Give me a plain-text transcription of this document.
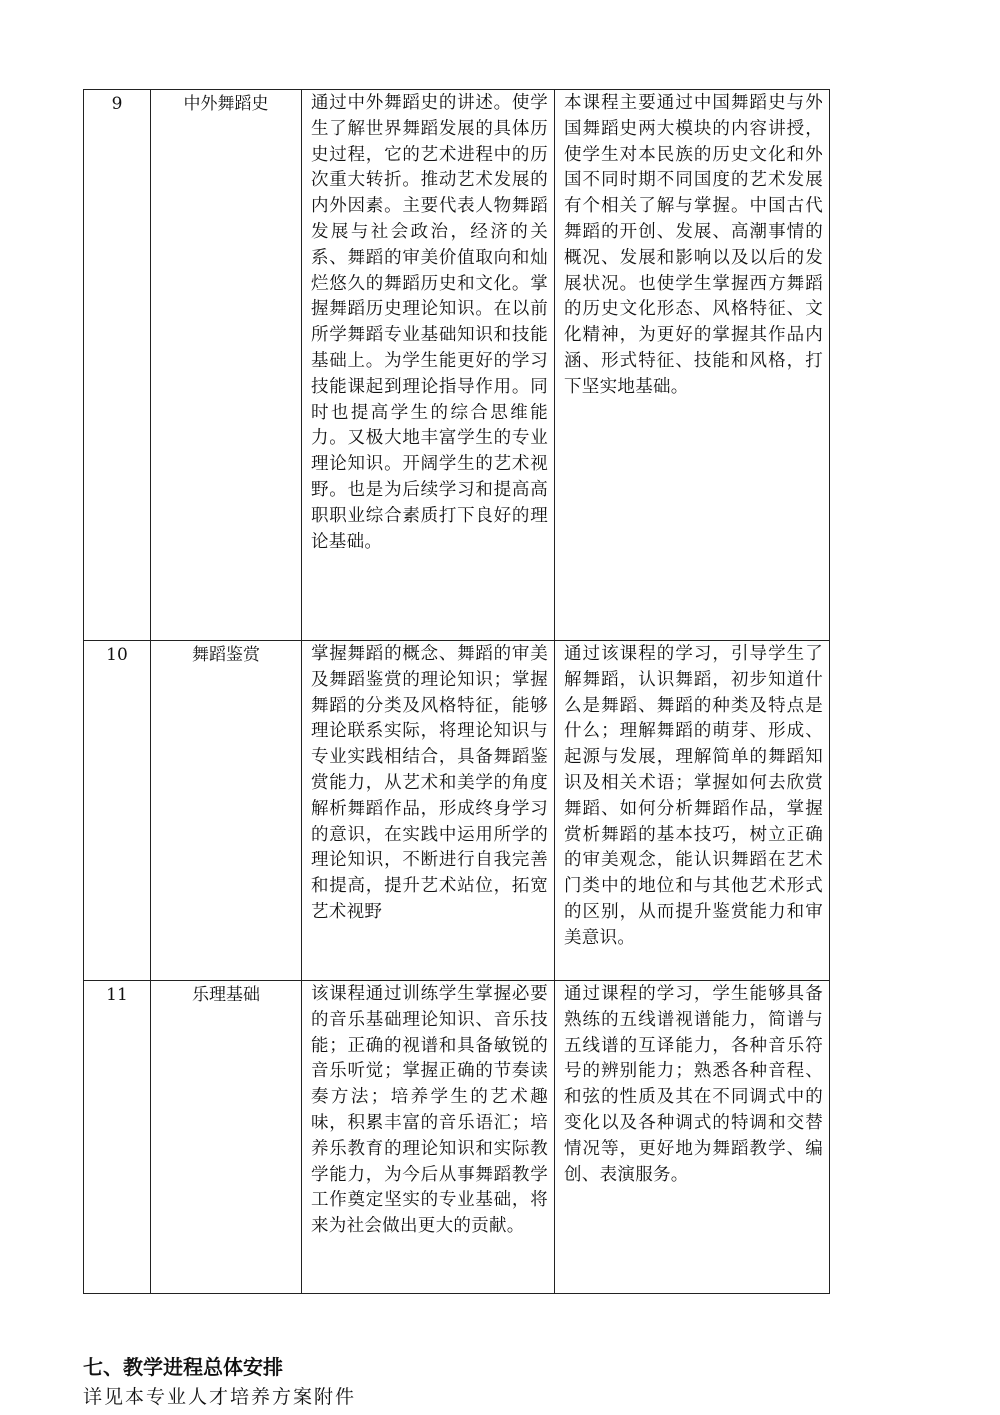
9	中外舞蹈史	通过中外舞蹈史的讲述。使学生了解世界舞蹈发展的具体历史过程，它的艺术进程中的历次重大转折。推动艺术发展的内外因素。主要代表人物舞蹈发展与社会政治，经济的关系、舞蹈的审美价值取向和灿烂悠久的舞蹈历史和文化。掌握舞蹈历史理论知识。在以前所学舞蹈专业基础知识和技能基础上。为学生能更好的学习技能课起到理论指导作用。同时也提高学生的综合思维能力。又极大地丰富学生的专业理论知识。开阔学生的艺术视野。也是为后续学习和提高高职职业综合素质打下良好的理论基础。	本课程主要通过中国舞蹈史与外国舞蹈史两大模块的内容讲授，使学生对本民族的历史文化和外国不同时期不同国度的艺术发展有个相关了解与掌握。中国古代舞蹈的开创、发展、高潮事情的概况、发展和影响以及以后的发展状况。也使学生掌握西方舞蹈的历史文化形态、风格特征、文化精神，为更好的掌握其作品内涵、形式特征、技能和风格，打下坚实地基础。

10	舞蹈鉴赏	掌握舞蹈的概念、舞蹈的审美及舞蹈鉴赏的理论知识；掌握舞蹈的分类及风格特征，能够理论联系实际，将理论知识与专业实践相结合，具备舞蹈鉴赏能力，从艺术和美学的角度解析舞蹈作品，形成终身学习的意识，在实践中运用所学的理论知识，不断进行自我完善和提高，提升艺术站位，拓宽艺术视野	通过该课程的学习，引导学生了解舞蹈，认识舞蹈，初步知道什么是舞蹈、舞蹈的种类及特点是什么；理解舞蹈的萌芽、形成、起源与发展，理解简单的舞蹈知识及相关术语；掌握如何去欣赏舞蹈、如何分析舞蹈作品，掌握赏析舞蹈的基本技巧，树立正确的审美观念，能认识舞蹈在艺术门类中的地位和与其他艺术形式的区别，从而提升鉴赏能力和审美意识。

11	乐理基础	该课程通过训练学生掌握必要的音乐基础理论知识、音乐技能；正确的视谱和具备敏锐的音乐听觉；掌握正确的节奏读奏方法；培养学生的艺术趣味，积累丰富的音乐语汇；培养乐教育的理论知识和实际教学能力，为今后从事舞蹈教学工作奠定坚实的专业基础，将来为社会做出更大的贡献。	通过课程的学习，学生能够具备熟练的五线谱视谱能力，简谱与五线谱的互译能力，各种音乐符号的辨别能力；熟悉各种音程、和弦的性质及其在不同调式中的变化以及各种调式的特调和交替情况等，更好地为舞蹈教学、编创、表演服务。
七、教学进程总体安排

详见本专业人才培养方案附件
